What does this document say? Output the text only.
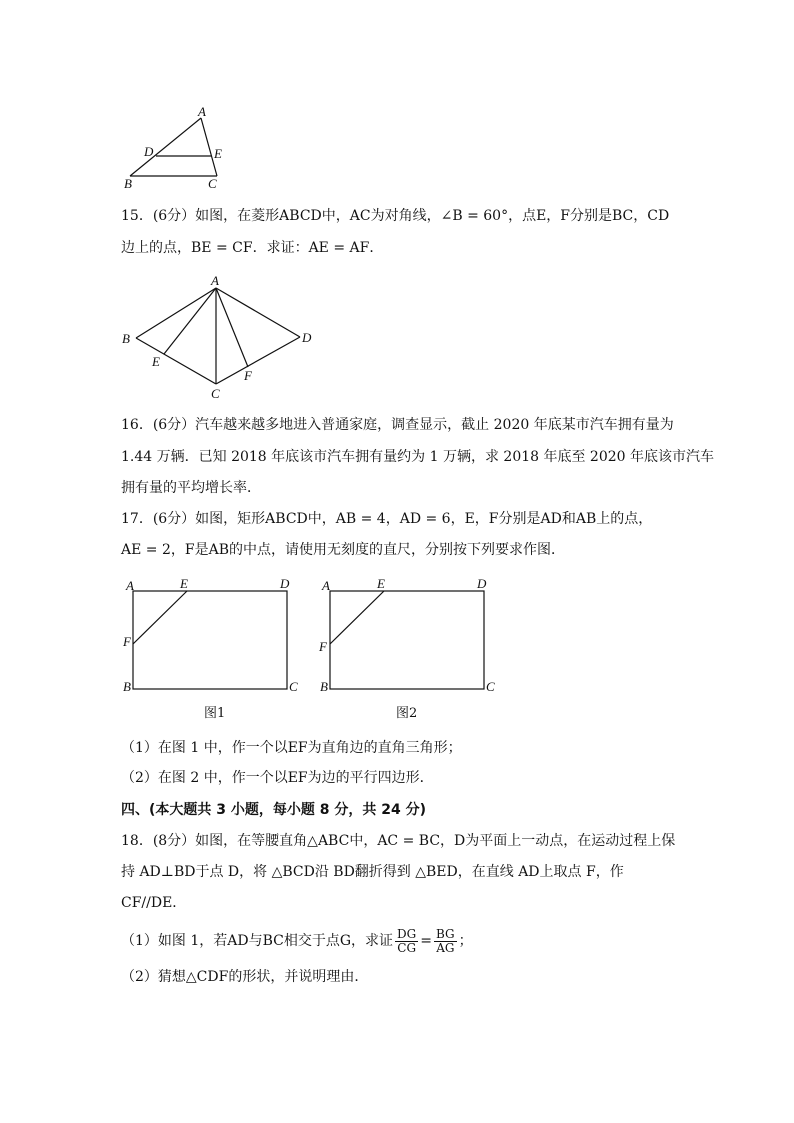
A
D	E
B	C
15．(6分）如图，在菱形ABCD中，AC为对角线，∠B = 60°，点E，F分别是BC，CD
边上的点，BE = CF．求证：AE = AF．
A
B	D
E
F
C
16．(6分）汽车越来越多地进入普通家庭，调查显示，截止 2020 年底某市汽车拥有量为
1.44 万辆．已知 2018 年底该市汽车拥有量约为 1 万辆，求 2018 年底至 2020 年底该市汽车
拥有量的平均增长率．
17．(6分）如图，矩形ABCD中，AB = 4，AD = 6，E，F分别是AD和AB上的点，
AE = 2，F是AB的中点，请使用无刻度的直尺，分别按下列要求作图．
A	E	D
F
B	C
图1
A	E	D
F
B	C
图2
（1）在图 1 中，作一个以EF为直角边的直角三角形；
（2）在图 2 中，作一个以EF为边的平行四边形．
四、(本大题共 3 小题，每小题 8 分，共 24 分)
18．(8分）如图，在等腰直角△ABC中，AC = BC，D为平面上一动点，在运动过程上保
持 AD⊥BD于点 D，将 △BCD沿 BD翻折得到 △BED，在直线 AD上取点 F，作
CF//DE．
（1）如图 1，若AD与BC相交于点G，求证 $\frac{DG}{CG} = \frac{BG}{AG}$ ；
（2）猜想△CDF的形状，并说明理由．
